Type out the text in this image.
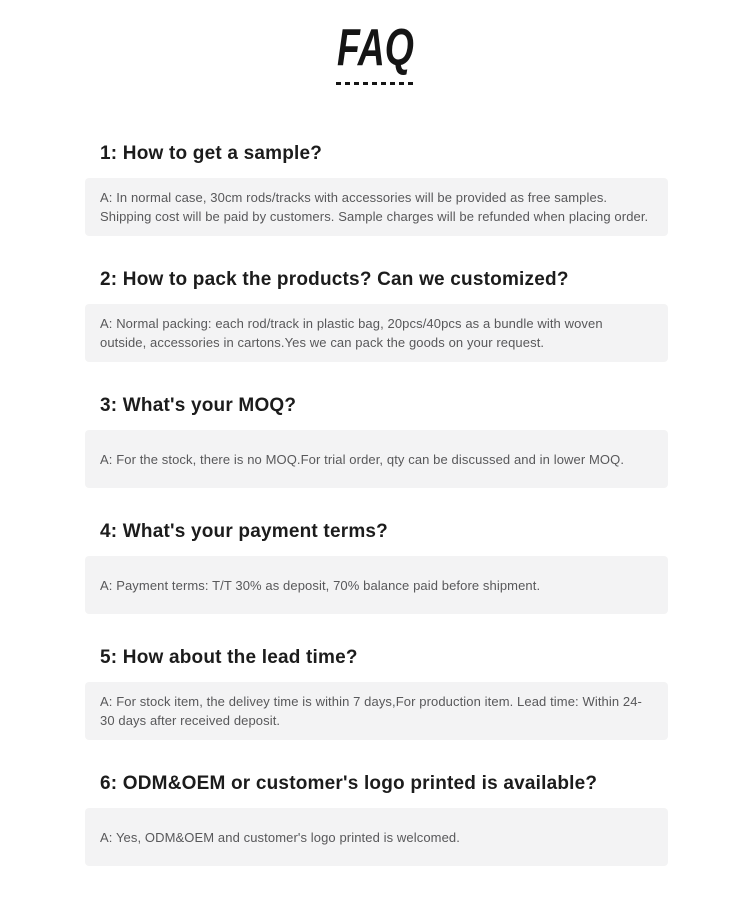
FAQ
1: How to get a sample?

A: In normal case, 30cm rods/tracks with accessories will be provided as free samples. Shipping cost will be paid by customers. Sample charges will be refunded when placing order.

2: How to pack the products? Can we customized?

A: Normal packing: each rod/track in plastic bag, 20pcs/40pcs as a bundle with woven outside, accessories in cartons.Yes we can pack the goods on your request.

3: What's your MOQ?

A: For the stock, there is no MOQ.For trial order, qty can be discussed and in lower MOQ.

4: What's your payment terms?

A: Payment terms: T/T 30% as deposit, 70% balance paid before shipment.

5: How about the lead time?

A: For stock item, the delivey time is within 7 days,For production item. Lead time: Within 24-30 days after received deposit.

6: ODM&OEM or customer's logo printed is available?

A: Yes, ODM&OEM and customer's logo printed is welcomed.
